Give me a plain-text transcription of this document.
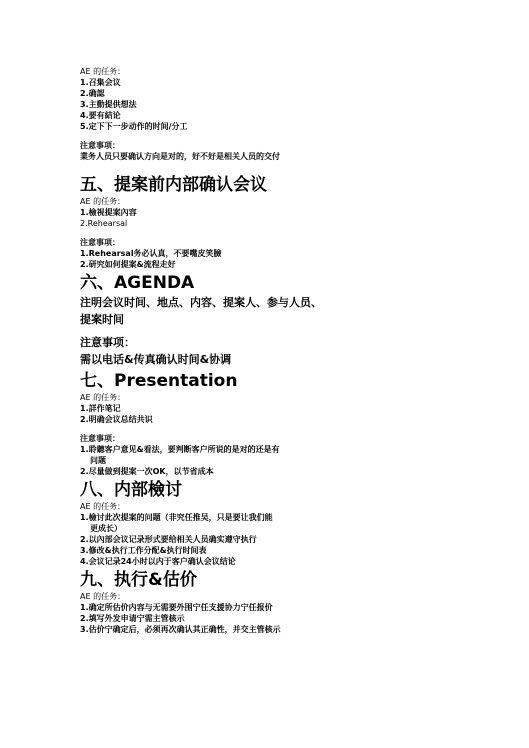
AE 的任务：
1.召集会议
2.确認
3.主動提供想法
4.要有結论
5.定下下一步动作的时间/分工
注意事项：
業务人员只要确认方向是对的，好不好是相关人员的交付
五、提案前内部确认会议
AE 的任务：
1.檢視提案內容
2.Rehearsal
注意事项：
1.Rehearsal务必认真，不要嘴皮笑臉
2.研究如何提案&流程走好
六、AGENDA
注明会议时间、地点、内容、提案人、参与人员、
提案时间
注意事项：
需以电话&传真确认时间&协调
七、Presentation
AE 的任务：
1.詳作笔记
2.明确会议总结共识
注意事项：
1.聆聽客户意见&看法，要判断客户所说的是对的还是有
问题
2.尽量做到提案一次OK，以节省成本
八、内部檢讨
AE 的任务：
1.檢讨此次提案的问题（非究任推吴，只是要让我们能
更成长）
2.以內部会议记录形式要给相关人员确实遵守执行
3.修改&执行工作分配&执行时间表
4.会议记录24小时以内于客户确认会议结论
九、执行&估价
AE 的任务：
1.确定所估价内容与无需要外围宁任支援协力宁任报价
2.填写外发申请宁需主管核示
3.估价宁确定后，必须再次确认其正确性，并交主管核示
